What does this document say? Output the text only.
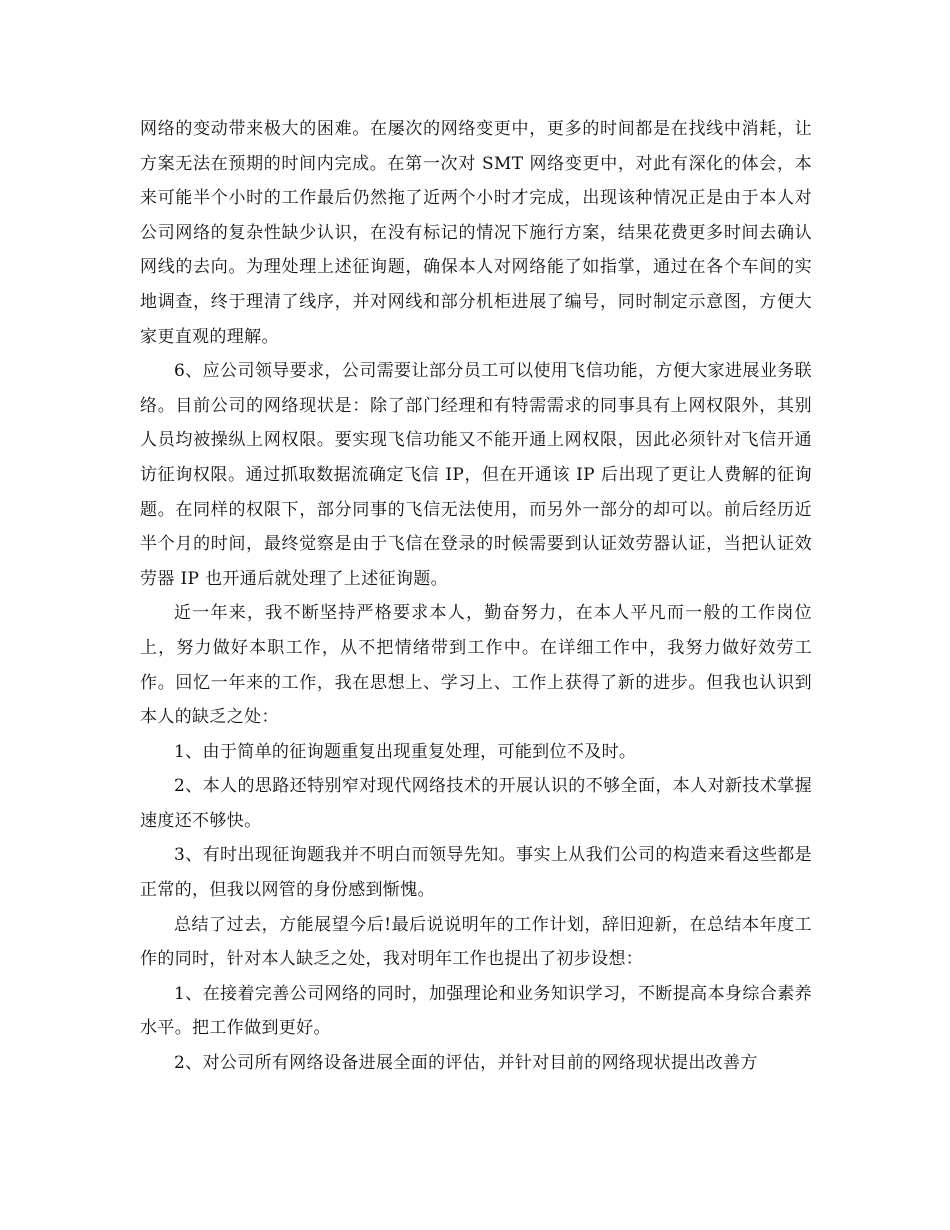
网络的变动带来极大的困难。在屡次的网络变更中，更多的时间都是在找线中消耗，让方案无法在预期的时间内完成。在第一次对 SMT 网络变更中，对此有深化的体会，本来可能半个小时的工作最后仍然拖了近两个小时才完成，出现该种情况正是由于本人对公司网络的复杂性缺少认识，在没有标记的情况下施行方案，结果花费更多时间去确认网线的去向。为理处理上述征询题，确保本人对网络能了如指掌，通过在各个车间的实地调查，终于理清了线序，并对网线和部分机柜进展了编号，同时制定示意图，方便大家更直观的理解。

6、应公司领导要求，公司需要让部分员工可以使用飞信功能，方便大家进展业务联络。目前公司的网络现状是：除了部门经理和有特需需求的同事具有上网权限外，其别人员均被操纵上网权限。要实现飞信功能又不能开通上网权限，因此必须针对飞信开通访征询权限。通过抓取数据流确定飞信 IP，但在开通该 IP 后出现了更让人费解的征询题。在同样的权限下，部分同事的飞信无法使用，而另外一部分的却可以。前后经历近半个月的时间，最终觉察是由于飞信在登录的时候需要到认证效劳器认证，当把认证效劳器 IP 也开通后就处理了上述征询题。

近一年来，我不断坚持严格要求本人，勤奋努力，在本人平凡而一般的工作岗位上，努力做好本职工作，从不把情绪带到工作中。在详细工作中，我努力做好效劳工作。回忆一年来的工作，我在思想上、学习上、工作上获得了新的进步。但我也认识到本人的缺乏之处：

1、由于简单的征询题重复出现重复处理，可能到位不及时。

2、本人的思路还特别窄对现代网络技术的开展认识的不够全面，本人对新技术掌握速度还不够快。

3、有时出现征询题我并不明白而领导先知。事实上从我们公司的构造来看这些都是正常的，但我以网管的身份感到惭愧。

总结了过去，方能展望今后!最后说说明年的工作计划，辞旧迎新，在总结本年度工作的同时，针对本人缺乏之处，我对明年工作也提出了初步设想：

1、在接着完善公司网络的同时，加强理论和业务知识学习，不断提高本身综合素养水平。把工作做到更好。

2、对公司所有网络设备进展全面的评估，并针对目前的网络现状提出改善方
